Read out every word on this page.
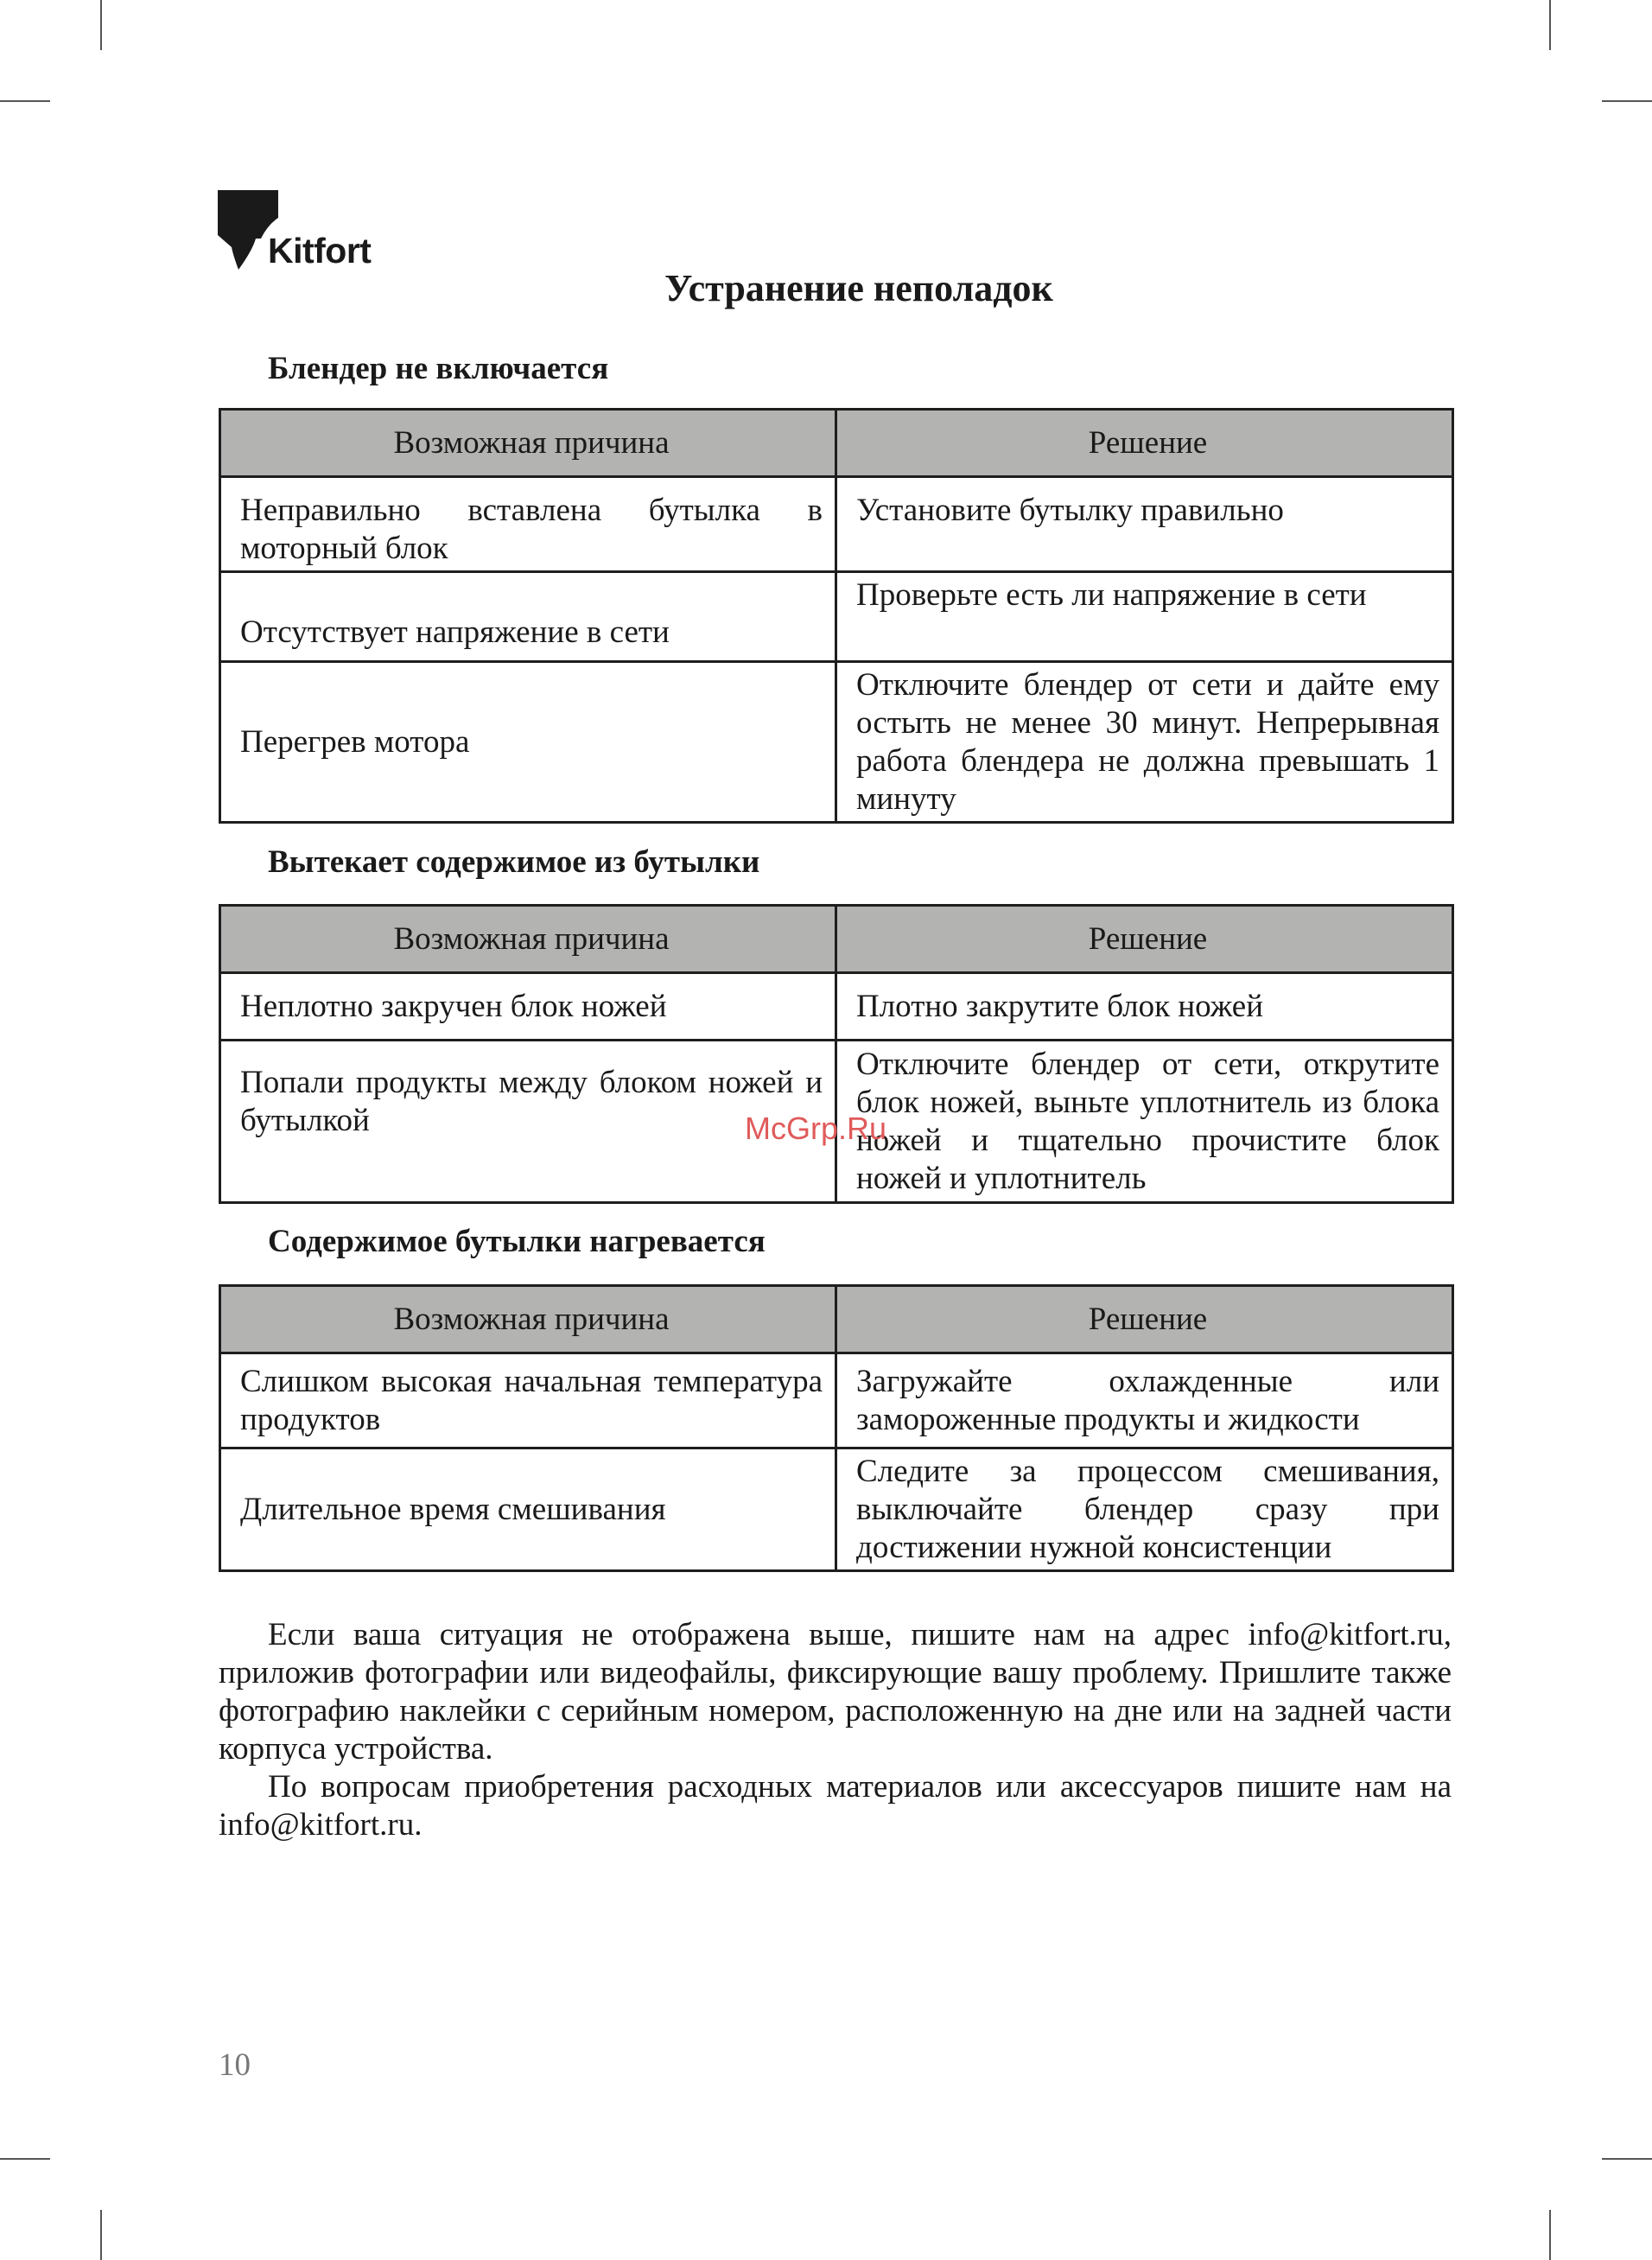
Kitfort
Устранение неполадок
Блендер не включается
Возможная причина	Решение
Неправильно вставлена бутылка в моторный блок	Установите бутылку правильно
Отсутствует напряжение в сети	Проверьте есть ли напряжение в сети
Перегрев мотора	Отключите блендер от сети и дайте ему остыть не менее 30 минут. Непрерывная работа блендера не должна превышать 1 минуту
Вытекает содержимое из бутылки
Возможная причина	Решение
Неплотно закручен блок ножей	Плотно закрутите блок ножей
Попали продукты между блоком ножей и бутылкой	Отключите блендер от сети, открутите блок ножей, выньте уплотнитель из блока ножей и тщательно прочистите блок ножей и уплотнитель
Содержимое бутылки нагревается
Возможная причина	Решение
Слишком высокая начальная температура продуктов	Загружайте охлажденные или замороженные продукты и жидкости
Длительное время смешивания	Следите за процессом смешивания, выключайте блендер сразу при достижении нужной консистенции

Если ваша ситуация не отображена выше, пишите нам на адрес info@kitfort.ru, приложив фотографии или видеофайлы, фиксирующие вашу проблему. Пришлите также фотографию наклейки с серийным номером, расположенную на дне или на задней части корпуса устройства.

По вопросам приобретения расходных материалов или аксессуаров пишите нам на info@kitfort.ru.

McGrp.Ru

10
